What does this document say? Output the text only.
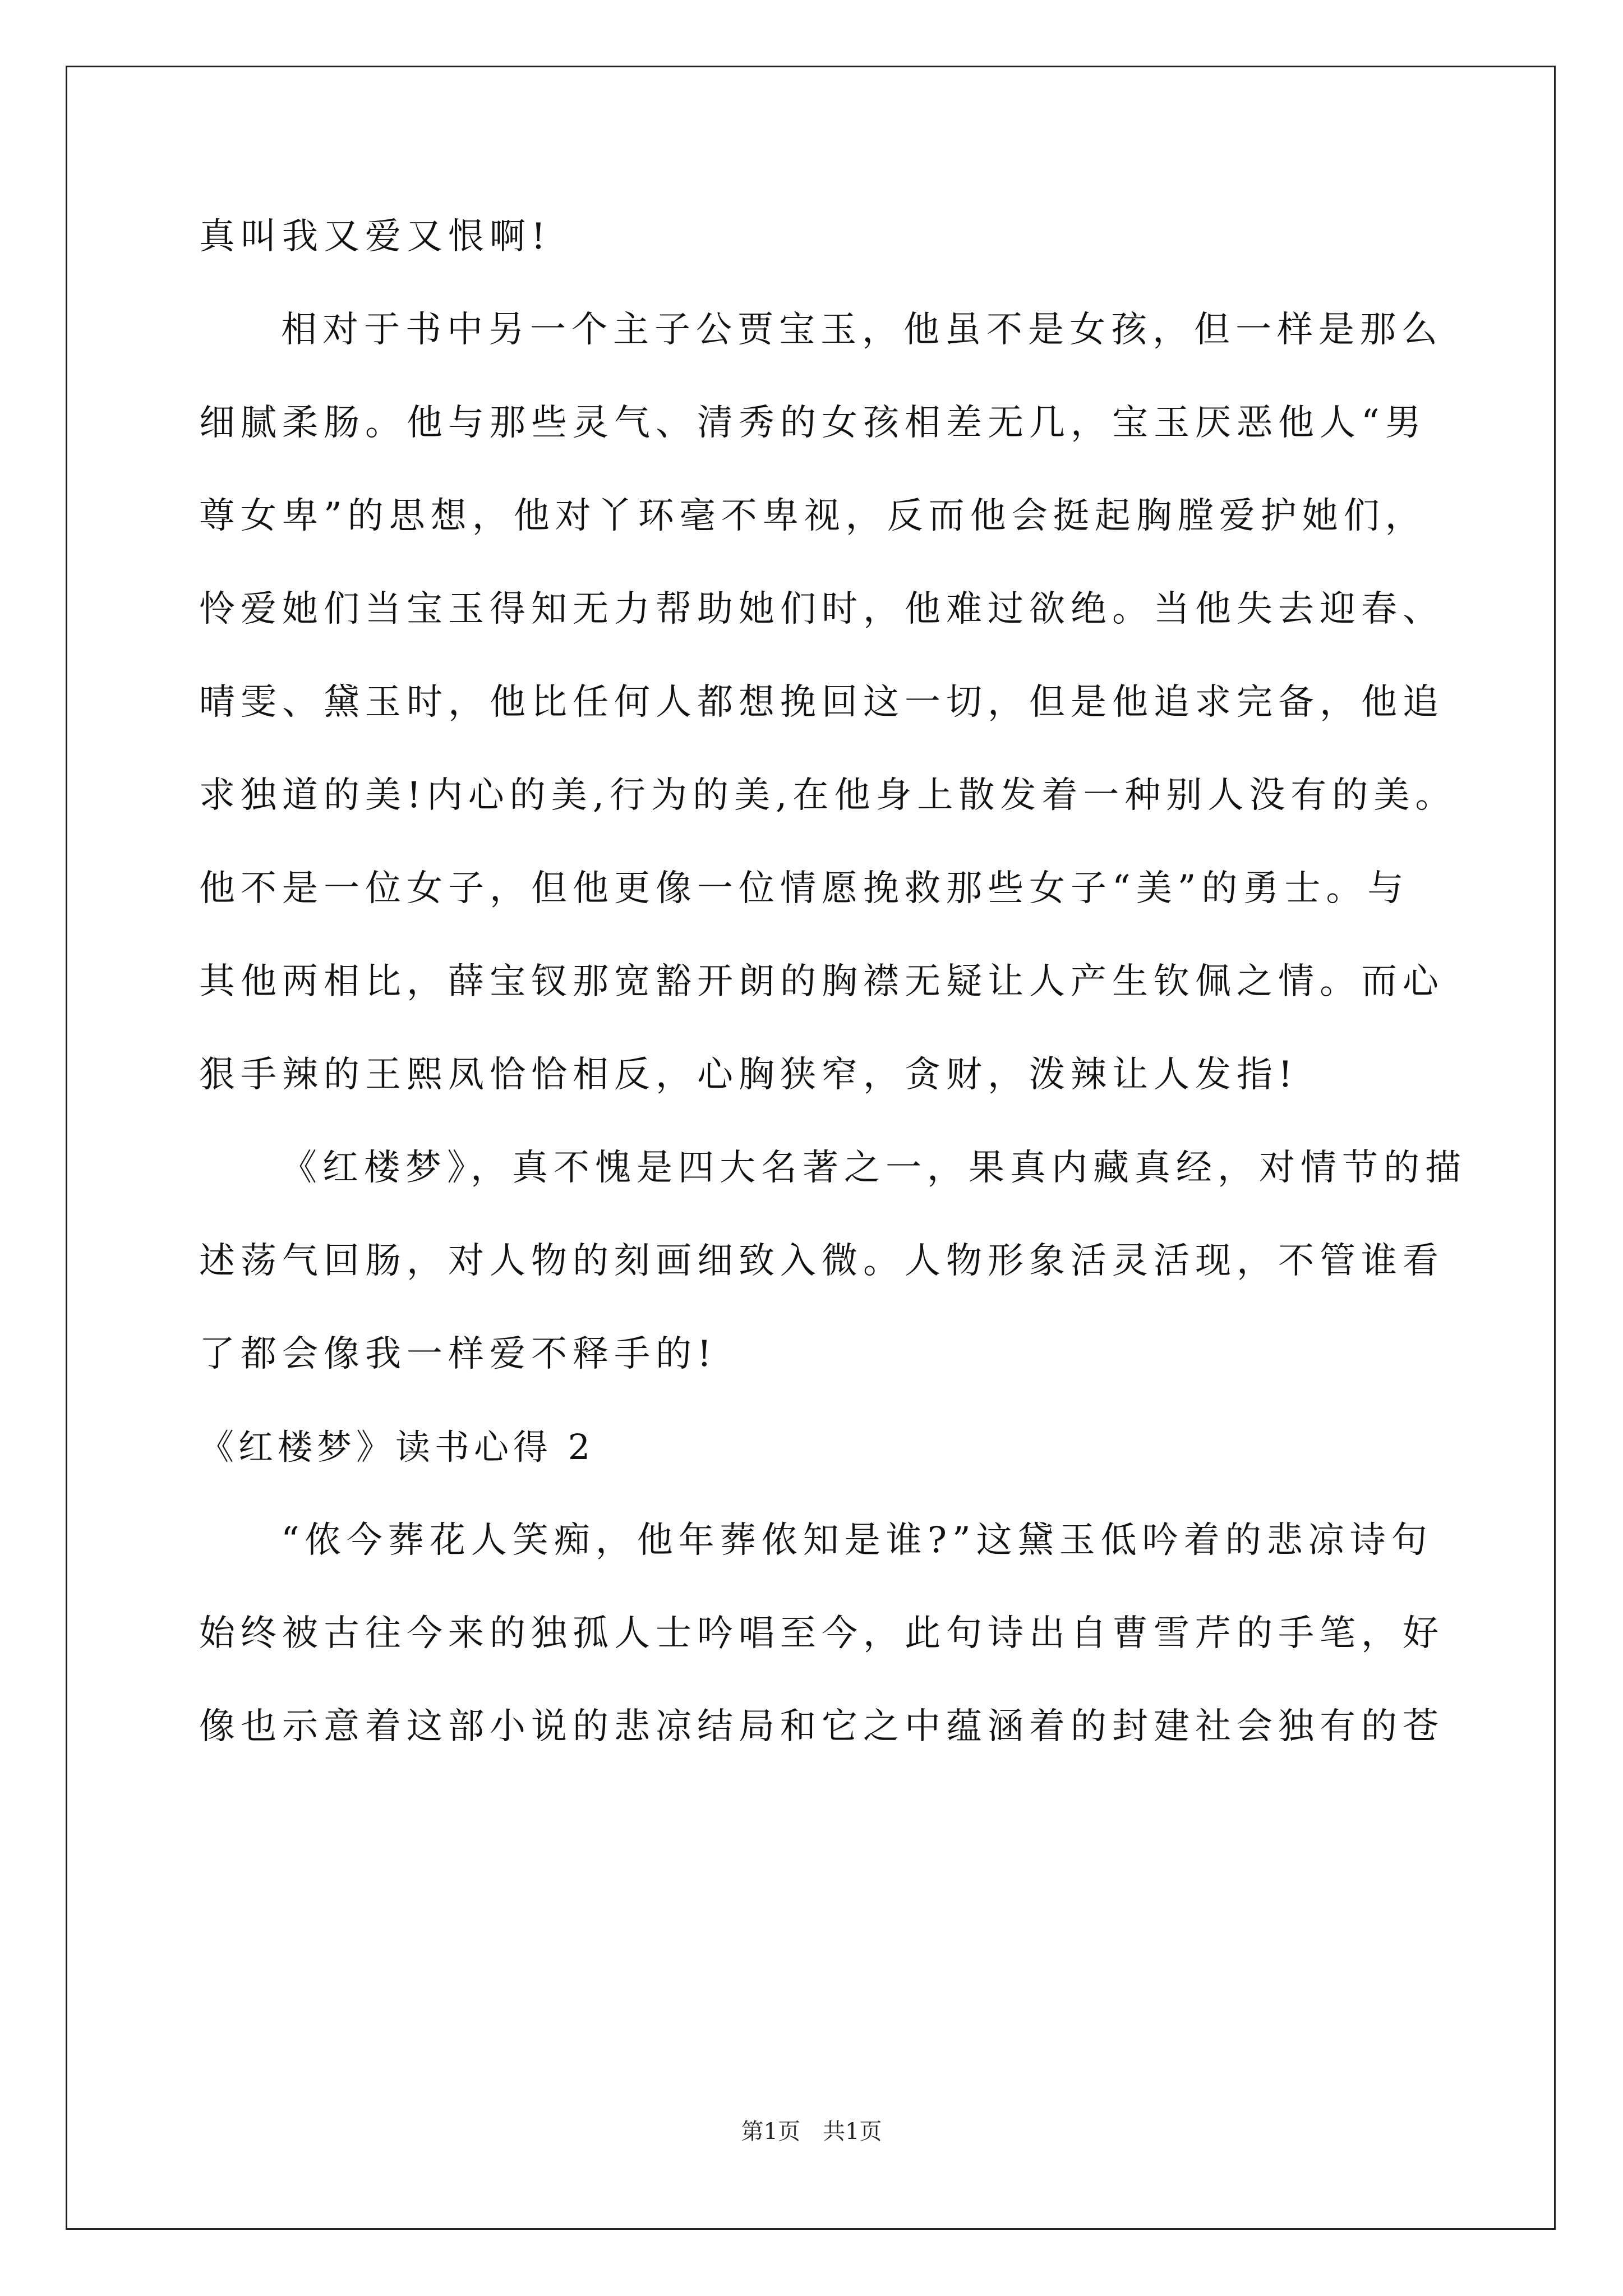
真叫我又爱又恨啊!
相对于书中另一个主子公贾宝玉，他虽不是女孩，但一样是那么
细腻柔肠。他与那些灵气、清秀的女孩相差无几，宝玉厌恶他人“男
尊女卑”的思想，他对丫环毫不卑视，反而他会挺起胸膛爱护她们，
怜爱她们当宝玉得知无力帮助她们时，他难过欲绝。当他失去迎春、
晴雯、黛玉时，他比任何人都想挽回这一切，但是他追求完备，他追
求独道的美!内心的美,行为的美,在他身上散发着一种别人没有的美。
他不是一位女子，但他更像一位情愿挽救那些女子“美”的勇士。与
其他两相比，薛宝钗那宽豁开朗的胸襟无疑让人产生钦佩之情。而心
狠手辣的王熙凤恰恰相反，心胸狭窄，贪财，泼辣让人发指!
《红楼梦》，真不愧是四大名著之一，果真内藏真经，对情节的描
述荡气回肠，对人物的刻画细致入微。人物形象活灵活现，不管谁看
了都会像我一样爱不释手的!
《红楼梦》读书心得 2
“侬今葬花人笑痴，他年葬侬知是谁?”这黛玉低吟着的悲凉诗句
始终被古往今来的独孤人士吟唱至今，此句诗出自曹雪芹的手笔，好
像也示意着这部小说的悲凉结局和它之中蕴涵着的封建社会独有的苍
第1页　共1页
